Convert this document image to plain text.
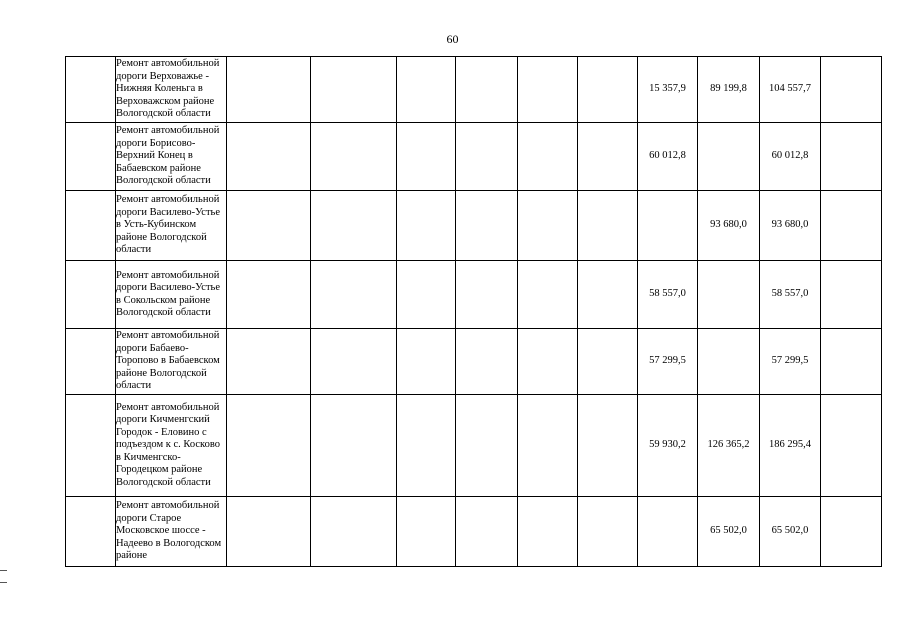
60
	Ремонт автомобильной дороги Верховажье - Нижняя Коленьга в Верховажском районе Вологодской области							15 357,9	89 199,8	104 557,7	
	Ремонт автомобильной дороги Борисово-Верхний Конец в Бабаевском районе Вологодской области							60 012,8		60 012,8	
	Ремонт автомобильной дороги Василево-Устье в Усть-Кубинском районе Вологодской области								93 680,0	93 680,0	
	Ремонт автомобильной дороги Василево-Устье в Сокольском районе Вологодской области							58 557,0		58 557,0	
	Ремонт автомобильной дороги Бабаево-Торопово в Бабаевском районе Вологодской области							57 299,5		57 299,5	
	Ремонт автомобильной дороги Кичменгский Городок - Еловино с подъездом к с. Косково в Кичменгско-Городецком районе Вологодской области							59 930,2	126 365,2	186 295,4	
	Ремонт автомобильной дороги Старое Московское шоссе - Надеево в Вологодском районе								65 502,0	65 502,0	
